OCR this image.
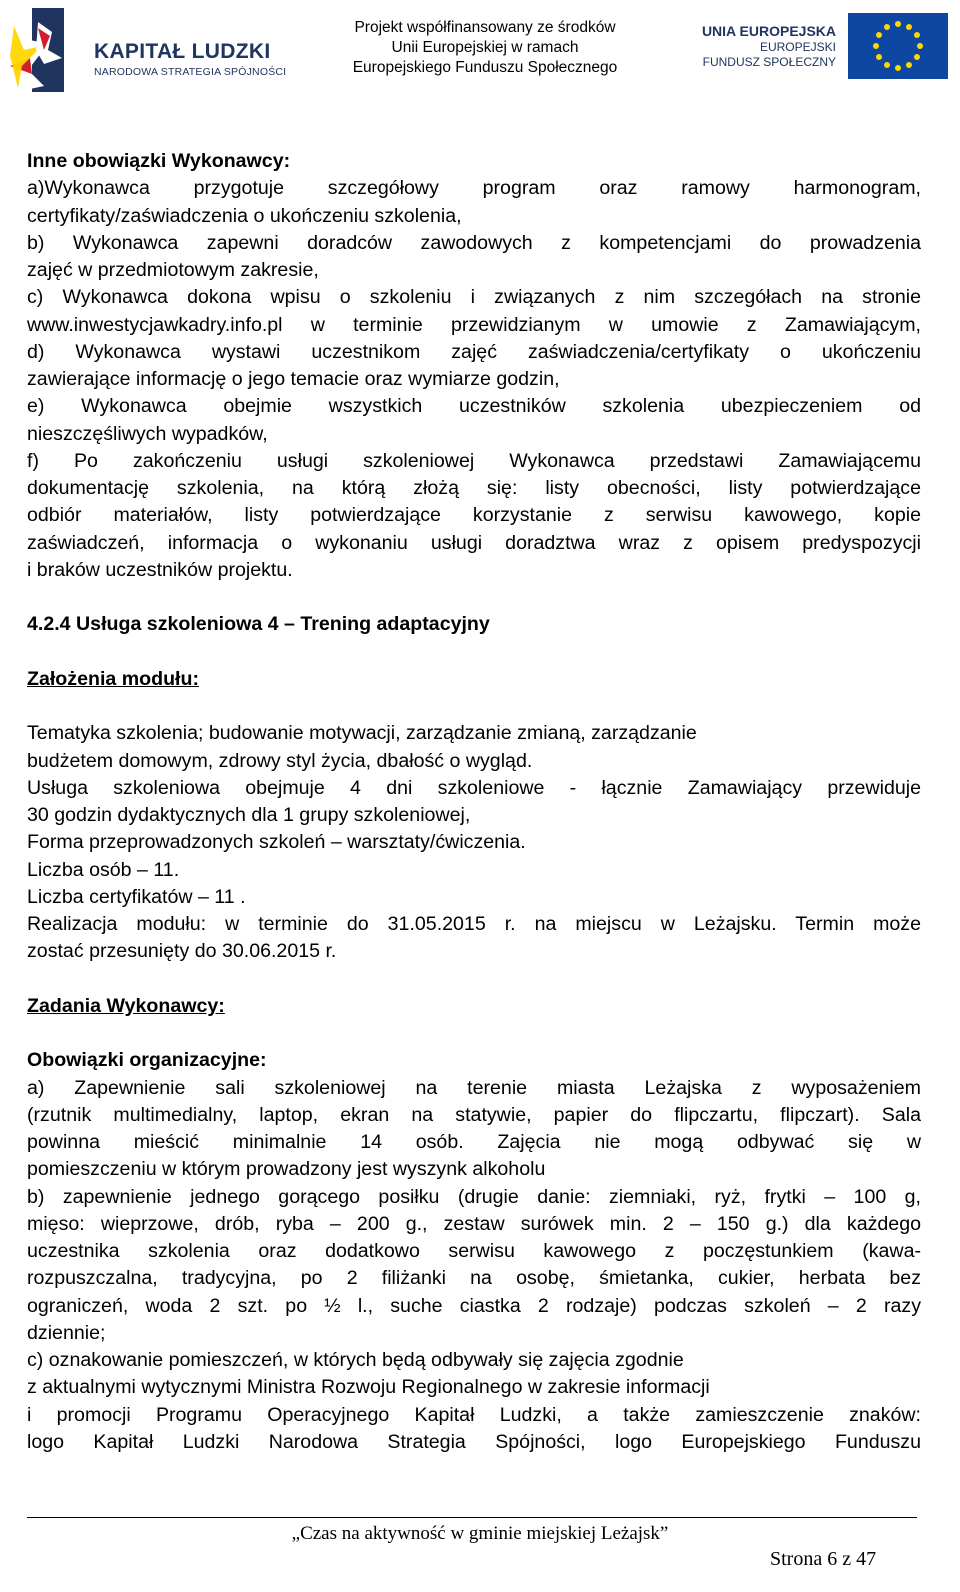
KAPITAŁ LUDZKI
NARODOWA STRATEGIA SPÓJNOŚCI
Projekt współfinansowany ze środków
Unii Europejskiej w ramach
Europejskiego Funduszu Społecznego
UNIA EUROPEJSKA
EUROPEJSKI
FUNDUSZ SPOŁECZNY

Inne obowiązki Wykonawcy:

a)Wykonawca przygotuje szczegółowy program oraz ramowy harmonogram,

certyfikaty/zaświadczenia o ukończeniu szkolenia,

b) Wykonawca zapewni doradców zawodowych z kompetencjami do prowadzenia

zajęć w przedmiotowym zakresie,

c) Wykonawca dokona wpisu o szkoleniu i związanych z nim szczegółach na stronie

www.inwestycjawkadry.info.pl w terminie przewidzianym w umowie z Zamawiającym,

d) Wykonawca wystawi uczestnikom zajęć zaświadczenia/certyfikaty o ukończeniu

zawierające informację o jego temacie oraz wymiarze godzin,

e) Wykonawca obejmie wszystkich uczestników szkolenia ubezpieczeniem od

nieszczęśliwych wypadków,

f) Po zakończeniu usługi szkoleniowej Wykonawca przedstawi Zamawiającemu

dokumentację szkolenia, na którą złożą się: listy obecności, listy potwierdzające

odbiór materiałów, listy potwierdzające korzystanie z serwisu kawowego, kopie

zaświadczeń, informacja o wykonaniu usługi doradztwa wraz z opisem predyspozycji

i braków uczestników projektu.

4.2.4 Usługa szkoleniowa 4 – Trening adaptacyjny

Założenia modułu:

Tematyka szkolenia; budowanie motywacji, zarządzanie zmianą, zarządzanie

budżetem domowym, zdrowy styl życia, dbałość o wygląd.

Usługa szkoleniowa obejmuje 4 dni szkoleniowe - łącznie Zamawiający przewiduje

30 godzin dydaktycznych dla 1 grupy szkoleniowej,

Forma przeprowadzonych szkoleń – warsztaty/ćwiczenia.

Liczba osób – 11.

Liczba certyfikatów – 11 .

Realizacja modułu: w terminie do 31.05.2015 r. na miejscu w Leżajsku. Termin może

zostać przesunięty do 30.06.2015 r.

Zadania Wykonawcy:

Obowiązki organizacyjne:

a) Zapewnienie sali szkoleniowej na terenie miasta Leżajska z wyposażeniem

(rzutnik multimedialny, laptop, ekran na statywie, papier do flipczartu, flipczart). Sala

powinna mieścić minimalnie 14 osób. Zajęcia nie mogą odbywać się w

pomieszczeniu w którym prowadzony jest wyszynk alkoholu

b) zapewnienie jednego gorącego posiłku (drugie danie: ziemniaki, ryż, frytki – 100 g,

mięso: wieprzowe, drób, ryba – 200 g., zestaw surówek min. 2 – 150 g.) dla każdego

uczestnika szkolenia oraz dodatkowo serwisu kawowego z poczęstunkiem (kawa-

rozpuszczalna, tradycyjna, po 2 filiżanki na osobę, śmietanka, cukier, herbata bez

ograniczeń, woda 2 szt. po ½ l., suche ciastka 2 rodzaje) podczas szkoleń – 2 razy

dziennie;

c) oznakowanie pomieszczeń, w których będą odbywały się zajęcia zgodnie

z aktualnymi wytycznymi Ministra Rozwoju Regionalnego w zakresie informacji

i promocji Programu Operacyjnego Kapitał Ludzki, a także zamieszczenie znaków:

logo Kapitał Ludzki Narodowa Strategia Spójności, logo Europejskiego Funduszu

„Czas na aktywność w gminie miejskiej Leżajsk”
Strona 6 z 47
